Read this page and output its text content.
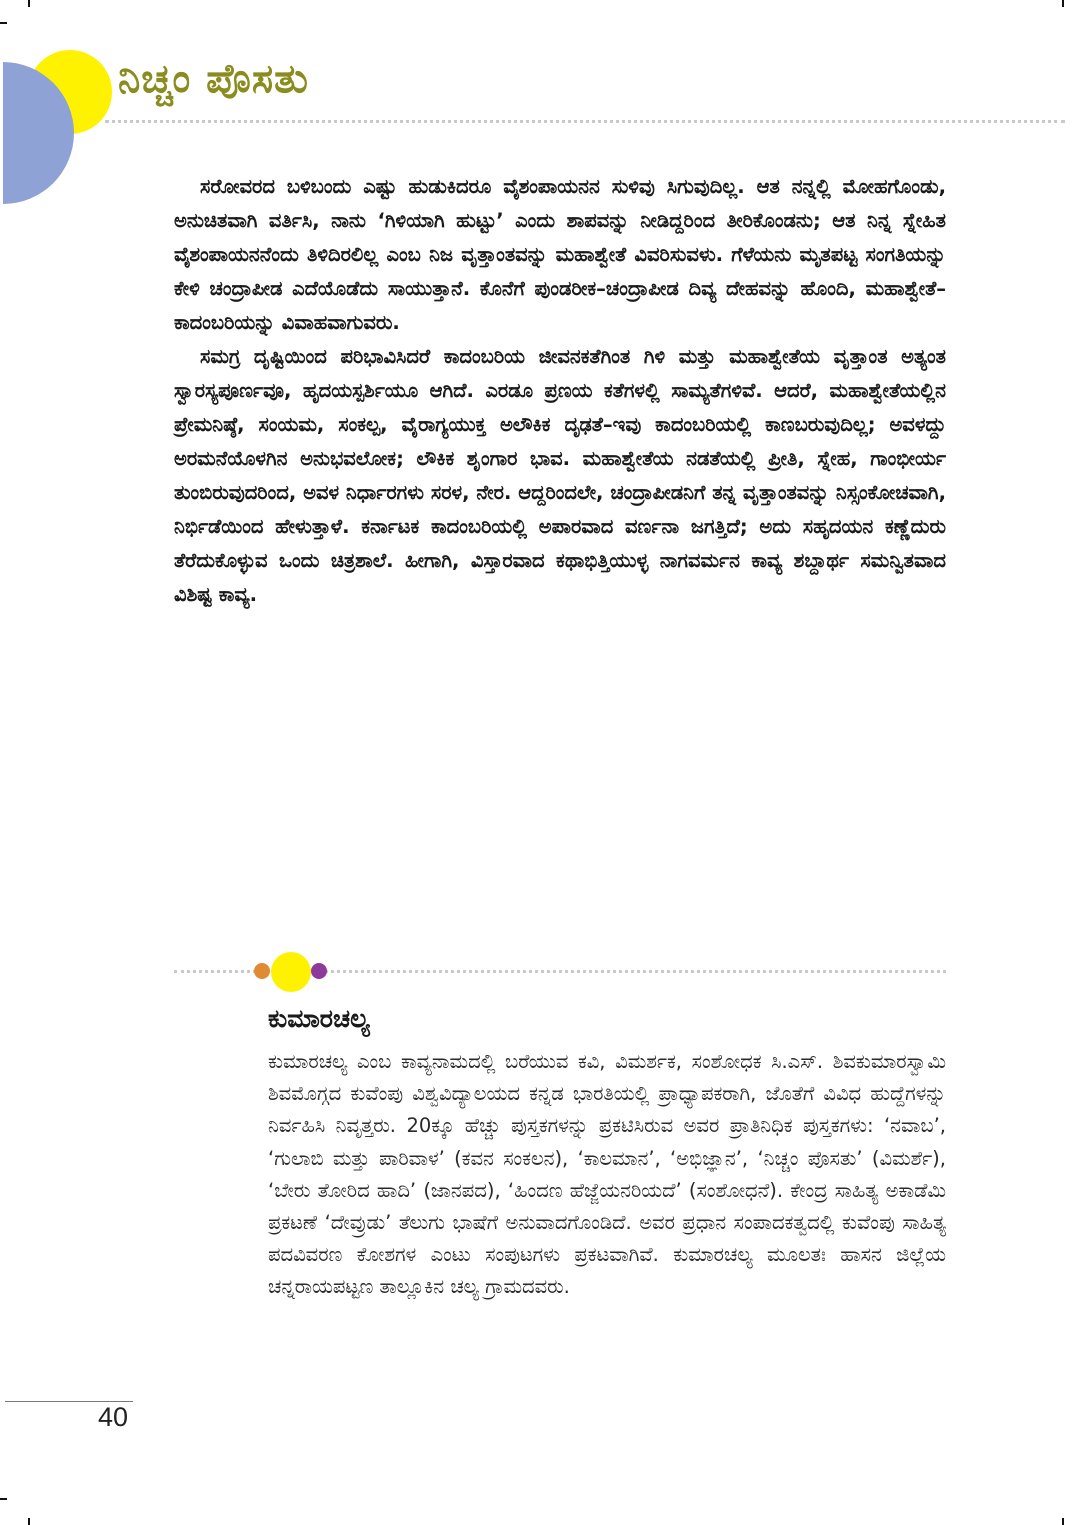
ನಿಚ್ಚಂ ಪೊಸತು

ಸರೋವರದ ಬಳಿಬಂದು ಎಷ್ಟು ಹುಡುಕಿದರೂ ವೈಶಂಪಾಯನನ ಸುಳಿವು ಸಿಗುವುದಿಲ್ಲ. ಆತ ನನ್ನಲ್ಲಿ ಮೋಹಗೊಂಡು, ಅನುಚಿತವಾಗಿ ವರ್ತಿಸಿ, ನಾನು ‘ಗಿಳಿಯಾಗಿ ಹುಟ್ಟು’ ಎಂದು ಶಾಪವನ್ನು ನೀಡಿದ್ದರಿಂದ ತೀರಿಕೊಂಡನು; ಆತ ನಿನ್ನ ಸ್ನೇಹಿತ ವೈಶಂಪಾಯನನೆಂದು ತಿಳಿದಿರಲಿಲ್ಲ ಎಂಬ ನಿಜ ವೃತ್ತಾಂತವನ್ನು ಮಹಾಶ್ವೇತೆ ವಿವರಿಸುವಳು. ಗೆಳೆಯನು ಮೃತಪಟ್ಟ ಸಂಗತಿಯನ್ನು ಕೇಳಿ ಚಂದ್ರಾಪೀಡ ಎದೆಯೊಡೆದು ಸಾಯುತ್ತಾನೆ. ಕೊನೆಗೆ ಪುಂಡರೀಕ–ಚಂದ್ರಾಪೀಡ ದಿವ್ಯ ದೇಹವನ್ನು ಹೊಂದಿ, ಮಹಾಶ್ವೇತೆ–ಕಾದಂಬರಿಯನ್ನು ವಿವಾಹವಾಗುವರು.

ಸಮಗ್ರ ದೃಷ್ಟಿಯಿಂದ ಪರಿಭಾವಿಸಿದರೆ ಕಾದಂಬರಿಯ ಜೀವನಕತೆಗಿಂತ ಗಿಳಿ ಮತ್ತು ಮಹಾಶ್ವೇತೆಯ ವೃತ್ತಾಂತ ಅತ್ಯಂತ ಸ್ವಾರಸ್ಯಪೂರ್ಣವೂ, ಹೃದಯಸ್ಪರ್ಶಿಯೂ ಆಗಿದೆ. ಎರಡೂ ಪ್ರಣಯ ಕತೆಗಳಲ್ಲಿ ಸಾಮ್ಯತೆಗಳಿವೆ. ಆದರೆ, ಮಹಾಶ್ವೇತೆಯಲ್ಲಿನ ಪ್ರೇಮನಿಷ್ಠೆ, ಸಂಯಮ, ಸಂಕಲ್ಪ, ವೈರಾಗ್ಯಯುಕ್ತ ಅಲೌಕಿಕ ದೃಢತೆ–ಇವು ಕಾದಂಬರಿಯಲ್ಲಿ ಕಾಣಬರುವುದಿಲ್ಲ; ಅವಳದ್ದು ಅರಮನೆಯೊಳಗಿನ ಅನುಭವಲೋಕ; ಲೌಕಿಕ ಶೃಂಗಾರ ಭಾವ. ಮಹಾಶ್ವೇತೆಯ ನಡತೆಯಲ್ಲಿ ಪ್ರೀತಿ, ಸ್ನೇಹ, ಗಾಂಭೀರ್ಯ ತುಂಬಿರುವುದರಿಂದ, ಅವಳ ನಿರ್ಧಾರಗಳು ಸರಳ, ನೇರ. ಆದ್ದರಿಂದಲೇ, ಚಂದ್ರಾಪೀಡನಿಗೆ ತನ್ನ ವೃತ್ತಾಂತವನ್ನು ನಿಸ್ಸಂಕೋಚವಾಗಿ, ನಿರ್ಭಿಡೆಯಿಂದ ಹೇಳುತ್ತಾಳೆ. ಕರ್ನಾಟಕ ಕಾದಂಬರಿಯಲ್ಲಿ ಅಪಾರವಾದ ವರ್ಣನಾ ಜಗತ್ತಿದೆ; ಅದು ಸಹೃದಯನ ಕಣ್ಣೆದುರು ತೆರೆದುಕೊಳ್ಳುವ ಒಂದು ಚಿತ್ರಶಾಲೆ. ಹೀಗಾಗಿ, ವಿಸ್ತಾರವಾದ ಕಥಾಭಿತ್ತಿಯುಳ್ಳ ನಾಗವರ್ಮನ ಕಾವ್ಯ ಶಬ್ದಾರ್ಥ ಸಮನ್ವಿತವಾದ ವಿಶಿಷ್ಟ ಕಾವ್ಯ.

ಕುಮಾರಚಲ್ಯ

ಕುಮಾರಚಲ್ಯ ಎಂಬ ಕಾವ್ಯನಾಮದಲ್ಲಿ ಬರೆಯುವ ಕವಿ, ವಿಮರ್ಶಕ, ಸಂಶೋಧಕ ಸಿ.ಎಸ್. ಶಿವಕುಮಾರಸ್ವಾಮಿ ಶಿವಮೊಗ್ಗದ ಕುವೆಂಪು ವಿಶ್ವವಿದ್ಯಾಲಯದ ಕನ್ನಡ ಭಾರತಿಯಲ್ಲಿ ಪ್ರಾಧ್ಯಾಪಕರಾಗಿ, ಜೊತೆಗೆ ವಿವಿಧ ಹುದ್ದೆಗಳನ್ನು ನಿರ್ವಹಿಸಿ ನಿವೃತ್ತರು. 20ಕ್ಕೂ ಹೆಚ್ಚು ಪುಸ್ತಕಗಳನ್ನು ಪ್ರಕಟಿಸಿರುವ ಅವರ ಪ್ರಾತಿನಿಧಿಕ ಪುಸ್ತಕಗಳು: ‘ನವಾಬ’, ‘ಗುಲಾಬಿ ಮತ್ತು ಪಾರಿವಾಳ’ (ಕವನ ಸಂಕಲನ), ‘ಕಾಲಮಾನ’, ‘ಅಭಿಜ್ಞಾನ’, ‘ನಿಚ್ಚಂ ಪೊಸತು’ (ವಿಮರ್ಶೆ), ‘ಬೇರು ತೋರಿದ ಹಾದಿ’ (ಜಾನಪದ), ‘ಹಿಂದಣ ಹೆಜ್ಜೆಯನರಿಯದೆ’ (ಸಂಶೋಧನೆ). ಕೇಂದ್ರ ಸಾಹಿತ್ಯ ಅಕಾಡೆಮಿ ಪ್ರಕಟಣೆ ‘ದೇವ್ರುಡು’ ತೆಲುಗು ಭಾಷೆಗೆ ಅನುವಾದಗೊಂಡಿದೆ. ಅವರ ಪ್ರಧಾನ ಸಂಪಾದಕತ್ವದಲ್ಲಿ ಕುವೆಂಪು ಸಾಹಿತ್ಯ ಪದವಿವರಣ ಕೋಶಗಳ ಎಂಟು ಸಂಪುಟಗಳು ಪ್ರಕಟವಾಗಿವೆ. ಕುಮಾರಚಲ್ಯ ಮೂಲತಃ ಹಾಸನ ಜಿಲ್ಲೆಯ ಚನ್ನರಾಯಪಟ್ಟಣ ತಾಲ್ಲೂಕಿನ ಚಲ್ಯ ಗ್ರಾಮದವರು.

40
